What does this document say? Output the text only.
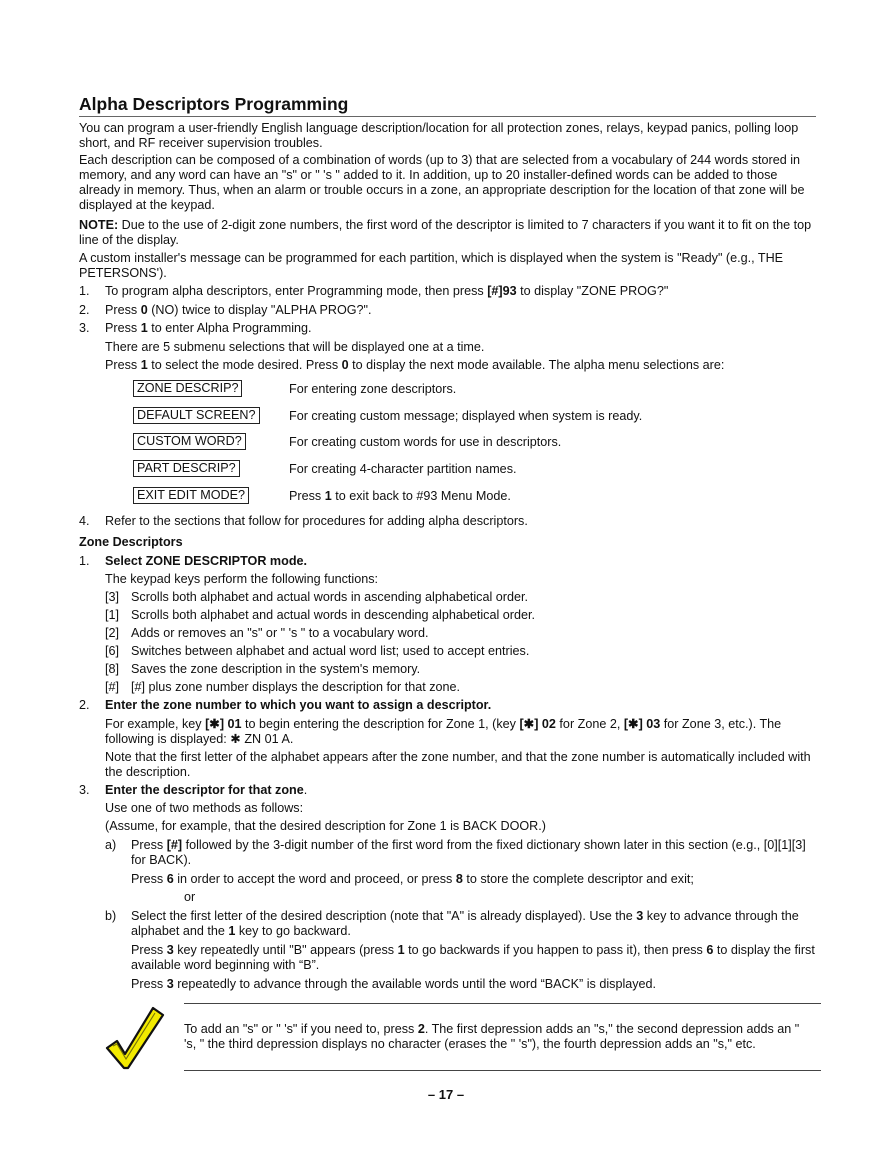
Alpha Descriptors Programming

You can program a user-friendly English language description/location for all protection zones, relays, keypad panics, polling loop short, and RF receiver supervision troubles.

Each description can be composed of a combination of words (up to 3) that are selected from a vocabulary of 244 words stored in memory, and any word can have an "s" or " 's " added to it. In addition, up to 20 installer-defined words can be added to those already in memory. Thus, when an alarm or trouble occurs in a zone, an appropriate description for the location of that zone will be displayed at the keypad.

NOTE: Due to the use of 2-digit zone numbers, the first word of the descriptor is limited to 7 characters if you want it to fit on the top line of the display.

A custom installer's message can be programmed for each partition, which is displayed when the system is "Ready" (e.g., THE PETERSONS').

1.	To program alpha descriptors, enter Programming mode, then press [#]93 to display "ZONE PROG?"

2.	Press 0 (NO) twice to display "ALPHA PROG?".

3.	Press 1 to enter Alpha Programming.

There are 5 submenu selections that will be displayed one at a time.

Press 1 to select the mode desired. Press 0 to display the next mode available. The alpha menu selections are:

ZONE DESCRIP?	For entering zone descriptors.
DEFAULT SCREEN?	For creating custom message; displayed when system is ready.
CUSTOM WORD?	For creating custom words for use in descriptors.
PART DESCRIP?	For creating 4-character partition names.
EXIT EDIT MODE?	Press 1 to exit back to #93 Menu Mode.
4.	Refer to the sections that follow for procedures for adding alpha descriptors.

Zone Descriptors

1.	Select ZONE DESCRIPTOR mode.

The keypad keys perform the following functions:

[3] Scrolls both alphabet and actual words in ascending alphabetical order.
[1] Scrolls both alphabet and actual words in descending alphabetical order.
[2] Adds or removes an "s" or " 's " to a vocabulary word.
[6] Switches between alphabet and actual word list; used to accept entries.
[8] Saves the zone description in the system's memory.
[#] [#] plus zone number displays the description for that zone.
2.	Enter the zone number to which you want to assign a descriptor.

For example, key [✱] 01 to begin entering the description for Zone 1, (key [✱] 02 for Zone 2, [✱] 03 for Zone 3, etc.). The following is displayed: ✱ ZN 01 A.

Note that the first letter of the alphabet appears after the zone number, and that the zone number is automatically included with the description.

3.	Enter the descriptor for that zone.

Use one of two methods as follows:

(Assume, for example, that the desired description for Zone 1 is BACK DOOR.)

a)	Press [#] followed by the 3-digit number of the first word from the fixed dictionary shown later in this section (e.g., [0][1][3] for BACK).

Press 6 in order to accept the word and proceed, or press 8 to store the complete descriptor and exit;

or
b)	Select the first letter of the desired description (note that "A" is already displayed). Use the 3 key to advance through the alphabet and the 1 key to go backward.

Press 3 key repeatedly until "B" appears (press 1 to go backwards if you happen to pass it), then press 6 to display the first available word beginning with “B”.

Press 3 repeatedly to advance through the available words until the word “BACK” is displayed.

To add an "s" or " 's" if you need to, press 2. The first depression adds an "s," the second depression adds an " 's, " the third depression displays no character (erases the " 's"), the fourth depression adds an "s," etc.

– 17 –
